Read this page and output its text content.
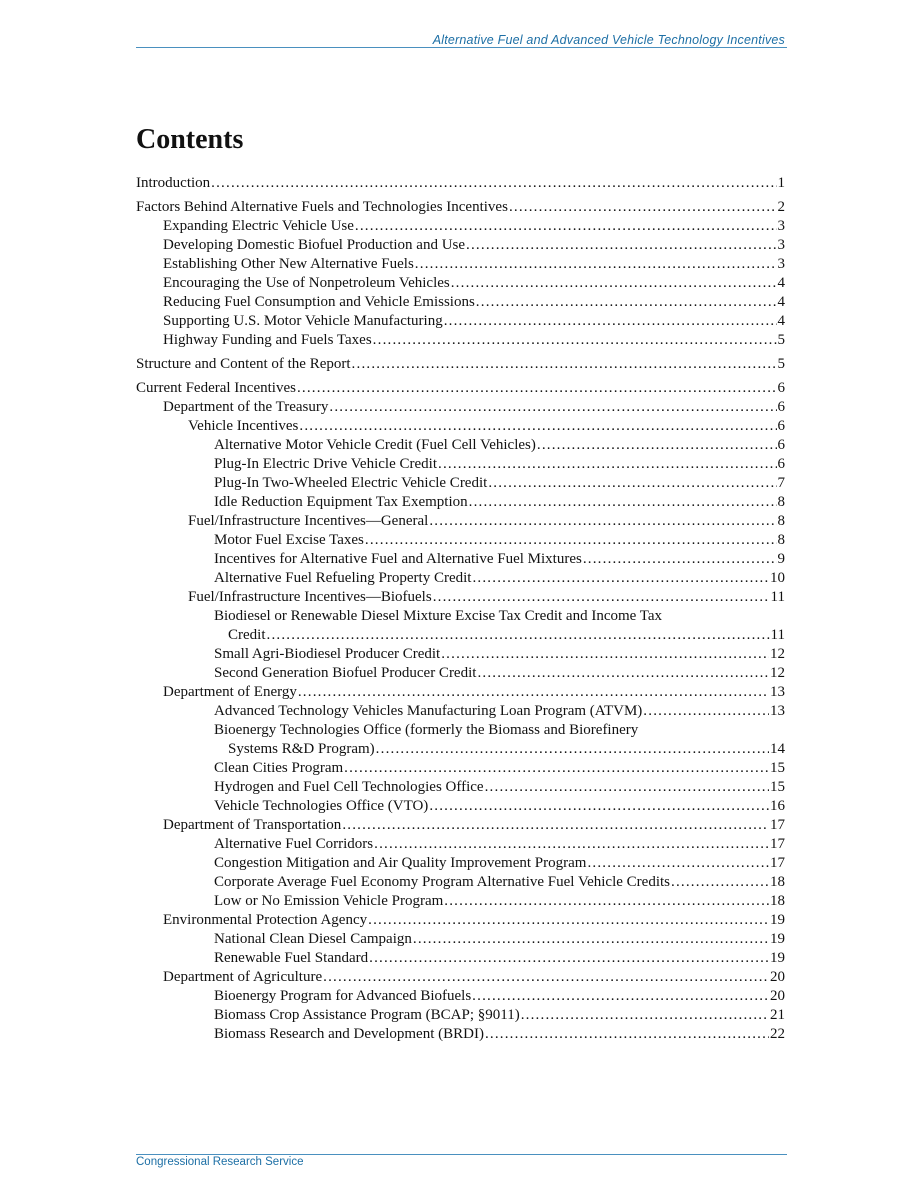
Alternative Fuel and Advanced Vehicle Technology Incentives
Contents
Introduction .....	1
Factors Behind Alternative Fuels and Technologies Incentives .....	2
Expanding Electric Vehicle Use .....	3
Developing Domestic Biofuel Production and Use .....	3
Establishing Other New Alternative Fuels .....	3
Encouraging the Use of Nonpetroleum Vehicles .....	4
Reducing Fuel Consumption and Vehicle Emissions .....	4
Supporting U.S. Motor Vehicle Manufacturing .....	4
Highway Funding and Fuels Taxes .....	5
Structure and Content of the Report .....	5
Current Federal Incentives .....	6
Department of the Treasury .....	6
Vehicle Incentives .....	6
Alternative Motor Vehicle Credit (Fuel Cell Vehicles) .....	6
Plug-In Electric Drive Vehicle Credit .....	6
Plug-In Two-Wheeled Electric Vehicle Credit .....	7
Idle Reduction Equipment Tax Exemption .....	8
Fuel/Infrastructure Incentives—General .....	8
Motor Fuel Excise Taxes .....	8
Incentives for Alternative Fuel and Alternative Fuel Mixtures .....	9
Alternative Fuel Refueling Property Credit .....	10
Fuel/Infrastructure Incentives—Biofuels .....	11
Biodiesel or Renewable Diesel Mixture Excise Tax Credit and Income Tax
Credit .....	11
Small Agri-Biodiesel Producer Credit .....	12
Second Generation Biofuel Producer Credit .....	12
Department of Energy .....	13
Advanced Technology Vehicles Manufacturing Loan Program (ATVM) .....	13
Bioenergy Technologies Office (formerly the Biomass and Biorefinery
Systems R&D Program) .....	14
Clean Cities Program .....	15
Hydrogen and Fuel Cell Technologies Office .....	15
Vehicle Technologies Office (VTO) .....	16
Department of Transportation .....	17
Alternative Fuel Corridors .....	17
Congestion Mitigation and Air Quality Improvement Program .....	17
Corporate Average Fuel Economy Program Alternative Fuel Vehicle Credits .....	18
Low or No Emission Vehicle Program .....	18
Environmental Protection Agency .....	19
National Clean Diesel Campaign .....	19
Renewable Fuel Standard .....	19
Department of Agriculture .....	20
Bioenergy Program for Advanced Biofuels .....	20
Biomass Crop Assistance Program (BCAP; §9011) .....	21
Biomass Research and Development (BRDI) .....	22
Congressional Research Service
